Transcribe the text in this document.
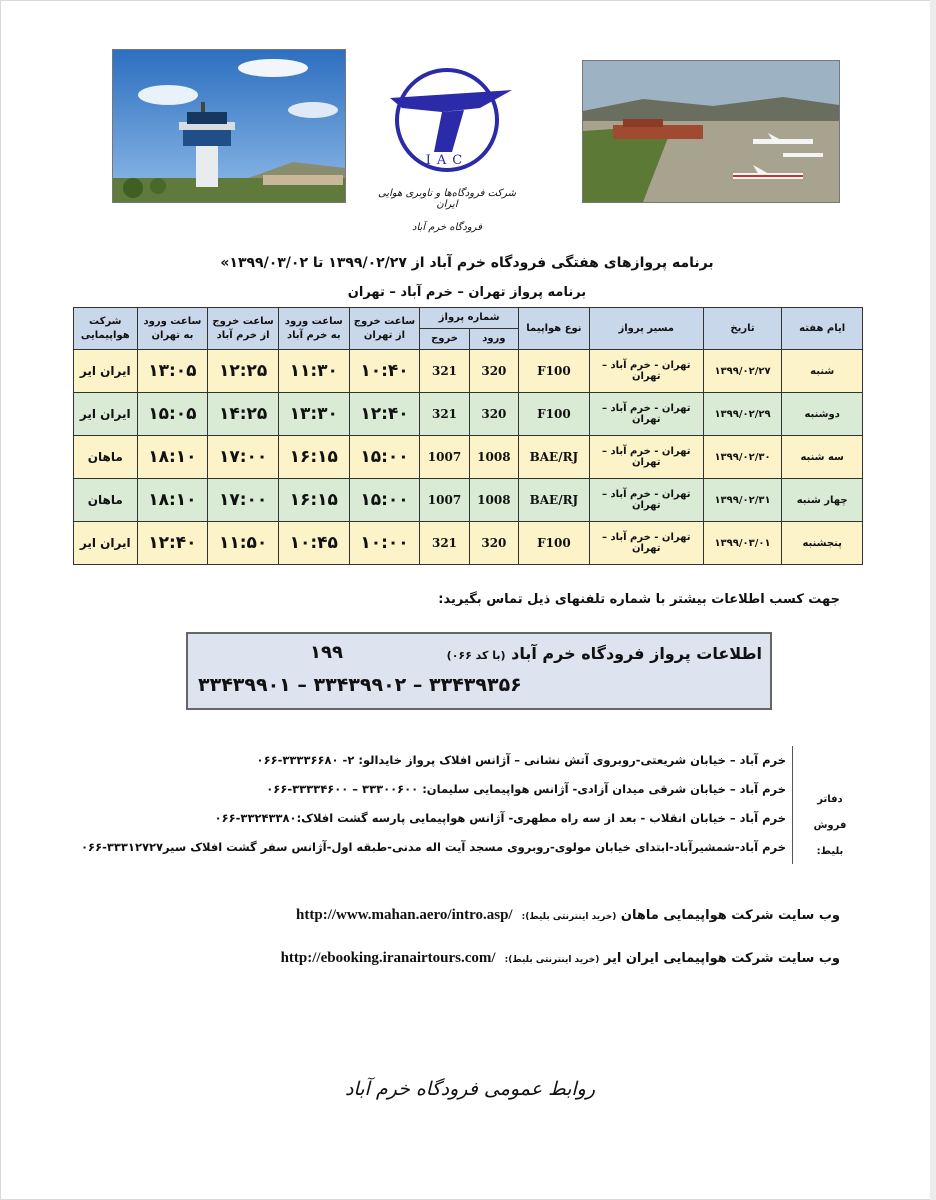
IAC
شرکت فرودگاه‌ها و ناوبری هوایی ایران
فرودگاه خرم آباد
برنامه پروازهای هفتگی فرودگاه خرم آباد از ۱۳۹۹/۰۲/۲۷ تا ۱۳۹۹/۰۳/۰۲»
برنامه پرواز تهران – خرم آباد – تهران
ایام هفته	تاریخ	مسیر پرواز	نوع هواپیما	شماره پرواز		ساعت خروج از تهران	ساعت ورود به خرم آباد	ساعت خروج از خرم آباد	ساعت ورود به تهران	شرکت هواپیمایی
				ورود	خروج					
شنبه	۱۳۹۹/۰۲/۲۷	تهران - خرم آباد – تهران	F100	320	321	۱۰:۴۰	۱۱:۳۰	۱۲:۲۵	۱۳:۰۵	ایران ایر
دوشنبه	۱۳۹۹/۰۲/۲۹	تهران - خرم آباد – تهران	F100	320	321	۱۲:۴۰	۱۳:۳۰	۱۴:۲۵	۱۵:۰۵	ایران ایر
سه شنبه	۱۳۹۹/۰۲/۳۰	تهران - خرم آباد – تهران	BAE/RJ	1008	1007	۱۵:۰۰	۱۶:۱۵	۱۷:۰۰	۱۸:۱۰	ماهان
چهار شنبه	۱۳۹۹/۰۲/۳۱	تهران - خرم آباد – تهران	BAE/RJ	1008	1007	۱۵:۰۰	۱۶:۱۵	۱۷:۰۰	۱۸:۱۰	ماهان
پنجشنبه	۱۳۹۹/۰۳/۰۱	تهران - خرم آباد – تهران	F100	320	321	۱۰:۰۰	۱۰:۴۵	۱۱:۵۰	۱۲:۴۰	ایران ایر
جهت کسب اطلاعات بیشتر با شماره تلفنهای ذیل تماس بگیرید:
اطلاعات پرواز فرودگاه خرم آباد (با کد ۰۶۶)
۱۹۹
۳۳۴۳۹۹۰۱ – ۳۳۴۳۹۹۰۲ – ۳۳۴۳۹۳۵۶
خرم آباد – خیابان شریعتی-روبروی آتش نشانی – آژانس افلاک پرواز خایدالو: ۲- ۳۳۳۳۶۶۸۰-۰۶۶
خرم آباد – خیابان شرقی میدان آزادی- آژانس هواپیمایی سلیمان: ۳۳۳۰۰۶۰۰ – ۳۳۳۳۴۶۰۰-۰۶۶
خرم آباد – خیابان انقلاب - بعد از سه راه مطهری- آژانس هواپیمایی پارسه گشت افلاک:۳۳۲۴۳۳۸۰-۰۶۶
خرم آباد-شمشیرآباد-ابتدای خیابان مولوی-روبروی مسجد آیت اله مدنی-طبقه اول-آژانس سفر گشت افلاک سیر۳۳۳۱۲۷۲۷-۰۶۶
دفاتر
فروش بلیط:
وب سایت شرکت هواپیمایی ماهان (خرید اینترنتی بلیط):  http://www.mahan.aero/intro.asp/
وب سایت شرکت هواپیمایی ایران ایر (خرید اینترنتی بلیط):  http://ebooking.iranairtours.com/
روابط عمومی فرودگاه خرم آباد
